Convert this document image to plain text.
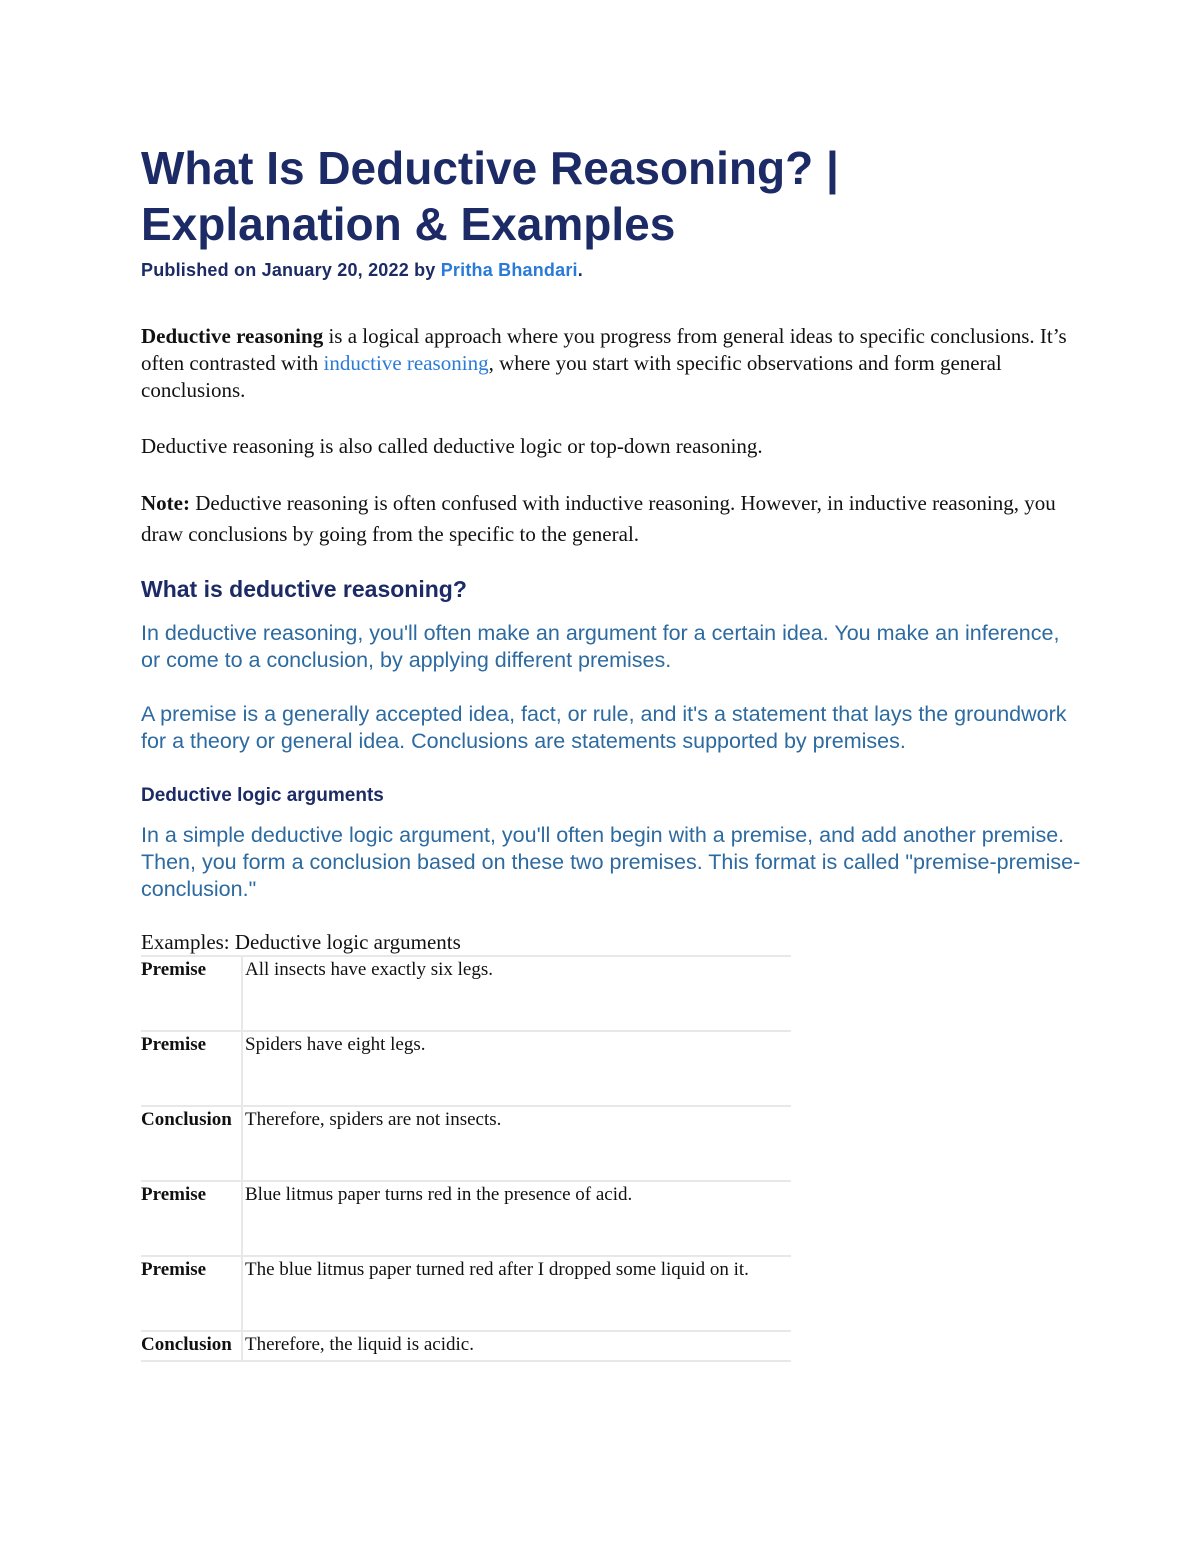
What Is Deductive Reasoning? |
Explanation & Examples
Published on January 20, 2022 by Pritha Bhandari.

Deductive reasoning is a logical approach where you progress from general ideas to specific conclusions. It’s often contrasted with inductive reasoning, where you start with specific observations and form general conclusions.

Deductive reasoning is also called deductive logic or top-down reasoning.

Note: Deductive reasoning is often confused with inductive reasoning. However, in inductive reasoning, you draw conclusions by going from the specific to the general.

What is deductive reasoning?

In deductive reasoning, you'll often make an argument for a certain idea. You make an inference, or come to a conclusion, by applying different premises.

A premise is a generally accepted idea, fact, or rule, and it's a statement that lays the groundwork for a theory or general idea. Conclusions are statements supported by premises.

Deductive logic arguments

In a simple deductive logic argument, you'll often begin with a premise, and add another premise. Then, you form a conclusion based on these two premises. This format is called "premise-premise-conclusion."

Examples: Deductive logic arguments

Premise	All insects have exactly six legs.
Premise	Spiders have eight legs.
Conclusion	Therefore, spiders are not insects.
Premise	Blue litmus paper turns red in the presence of acid.
Premise	The blue litmus paper turned red after I dropped some liquid on it.
Conclusion	Therefore, the liquid is acidic.
